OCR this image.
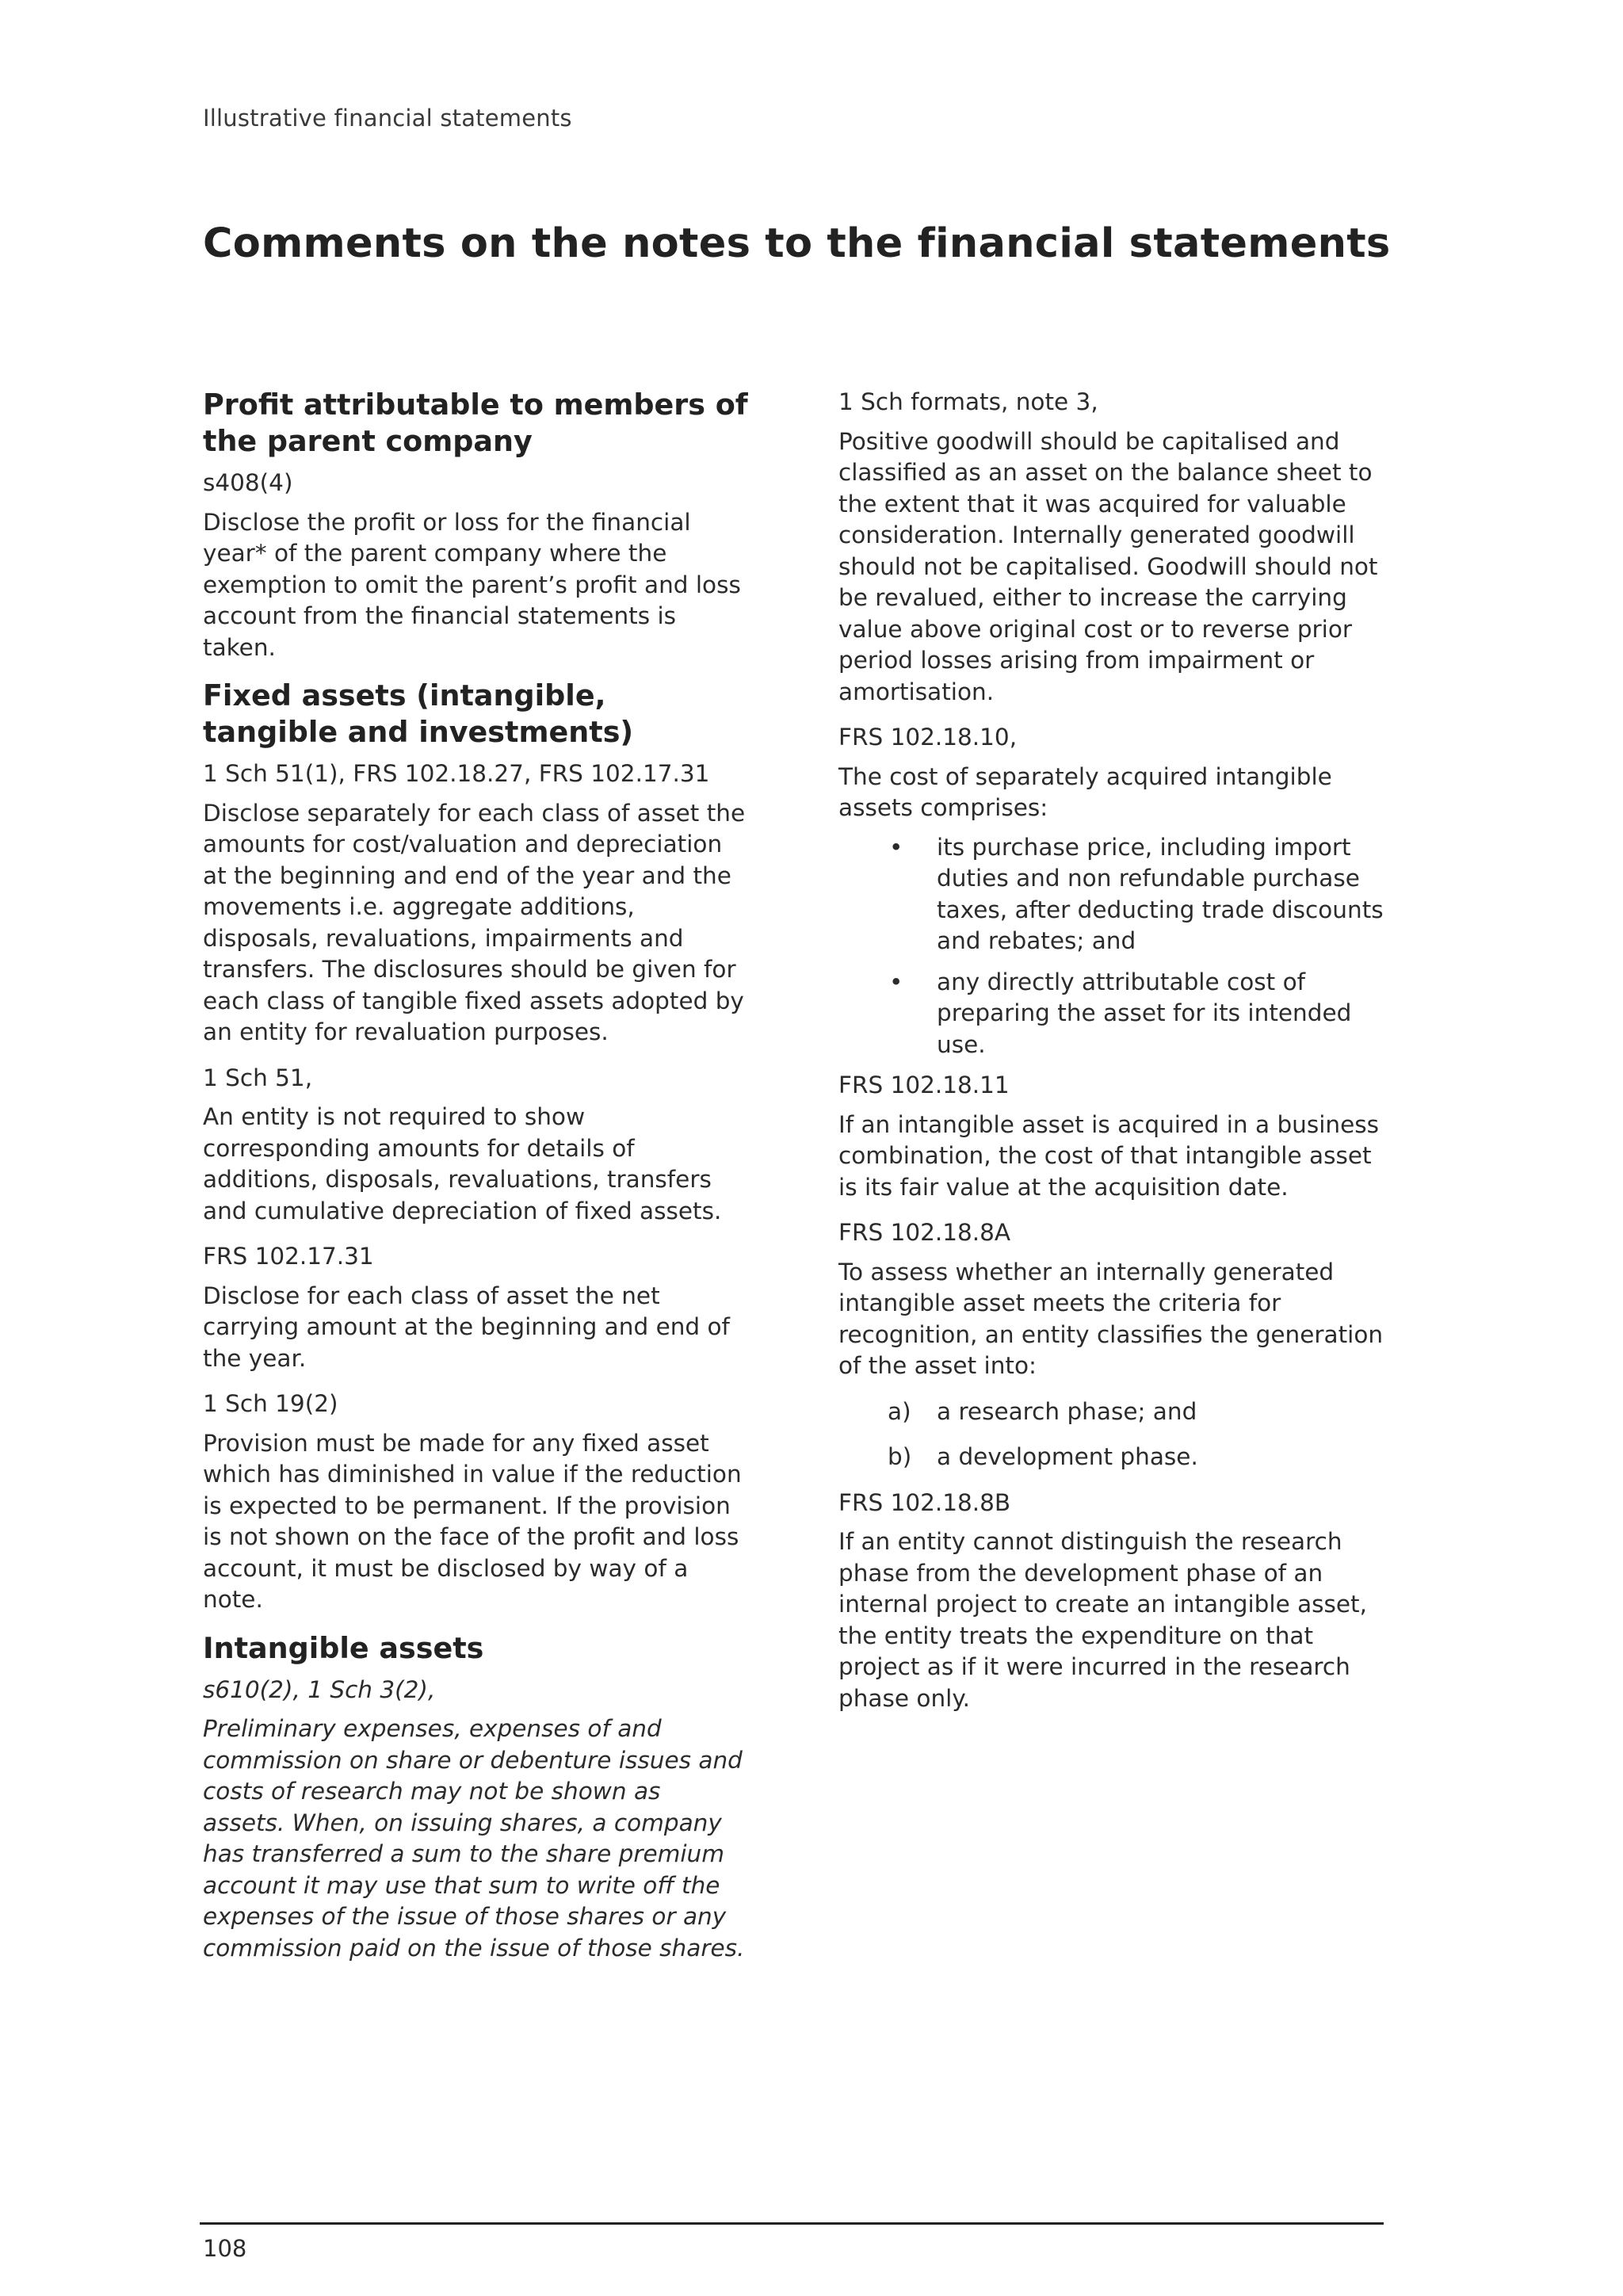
Illustrative financial statements
Comments on the notes to the financial statements
Profit attributable to members of the parent company

s408(4)

Disclose the profit or loss for the financial year* of the parent company where the exemption to omit the parent’s profit and loss account from the financial statements is taken.

Fixed assets (intangible, tangible and investments)

1 Sch 51(1), FRS 102.18.27, FRS 102.17.31

Disclose separately for each class of asset the amounts for cost/valuation and depreciation at the beginning and end of the year and the movements i.e. aggregate additions, disposals, revaluations, impairments and transfers. The disclosures should be given for each class of tangible fixed assets adopted by an entity for revaluation purposes.

1 Sch 51,

An entity is not required to show corresponding amounts for details of additions, disposals, revaluations, transfers and cumulative depreciation of fixed assets.

FRS 102.17.31

Disclose for each class of asset the net carrying amount at the beginning and end of the year.

1 Sch 19(2)

Provision must be made for any fixed asset which has diminished in value if the reduction is expected to be permanent. If the provision is not shown on the face of the profit and loss account, it must be disclosed by way of a note.

Intangible assets

s610(2), 1 Sch 3(2),

Preliminary expenses, expenses of and commission on share or debenture issues and costs of research may not be shown as assets. When, on issuing shares, a company has transferred a sum to the share premium account it may use that sum to write off the expenses of the issue of those shares or any commission paid on the issue of those shares.

1 Sch formats, note 3,

Positive goodwill should be capitalised and classified as an asset on the balance sheet to the extent that it was acquired for valuable consideration. Internally generated goodwill should not be capitalised. Goodwill should not be revalued, either to increase the carrying value above original cost or to reverse prior period losses arising from impairment or amortisation.

FRS 102.18.10,

The cost of separately acquired intangible assets comprises:

• its purchase price, including import duties and non refundable purchase taxes, after deducting trade discounts and rebates; and
• any directly attributable cost of preparing the asset for its intended use.

FRS 102.18.11

If an intangible asset is acquired in a business combination, the cost of that intangible asset is its fair value at the acquisition date.

FRS 102.18.8A

To assess whether an internally generated intangible asset meets the criteria for recognition, an entity classifies the generation of the asset into:

a) a research phase; and
b) a development phase.

FRS 102.18.8B

If an entity cannot distinguish the research phase from the development phase of an internal project to create an intangible asset, the entity treats the expenditure on that project as if it were incurred in the research phase only.

108
